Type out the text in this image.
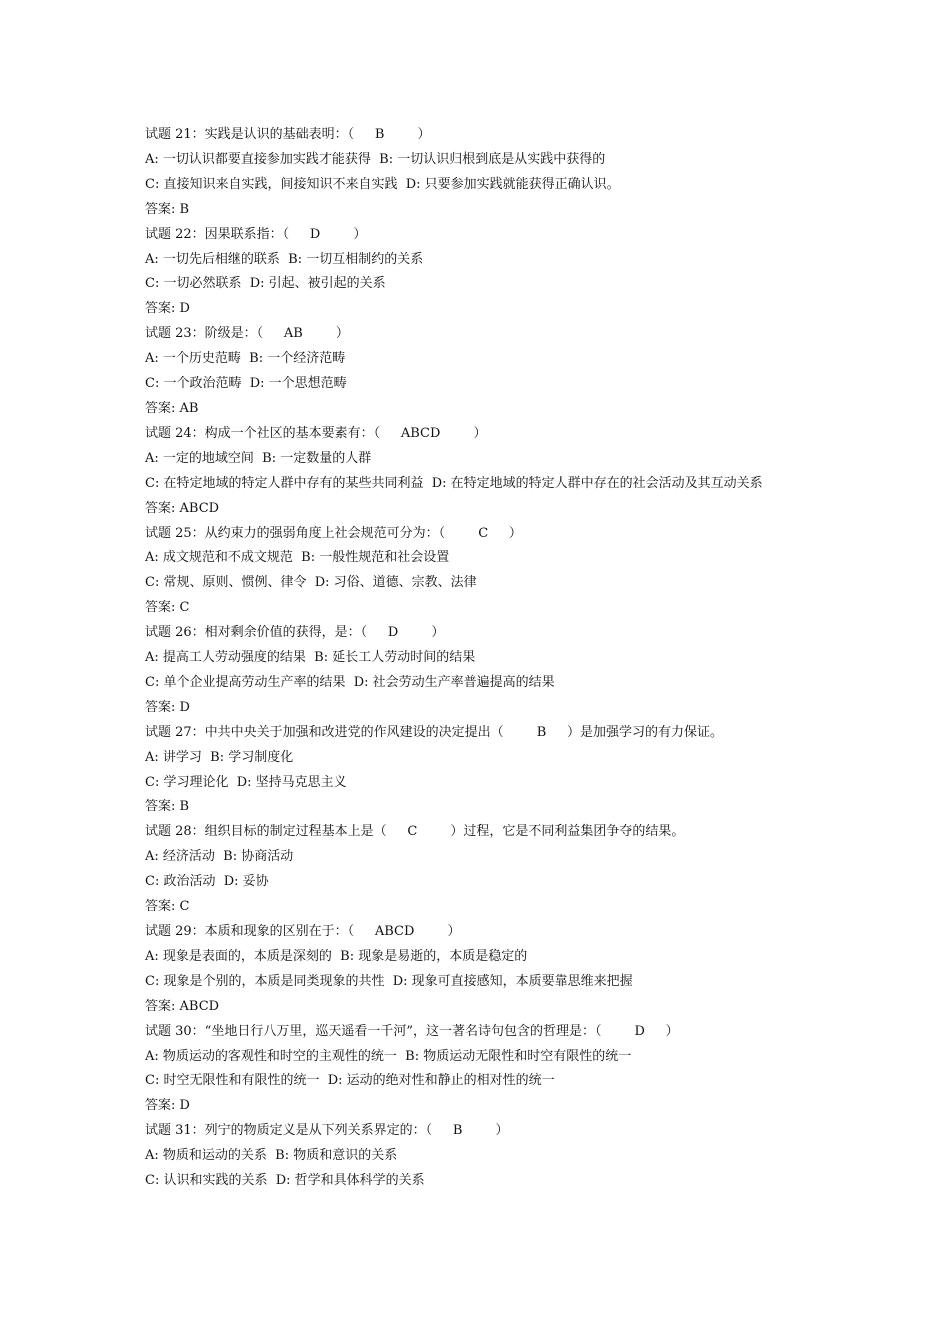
试题 21：实践是认识的基础表明：（     B        ）
A: 一切认识都要直接参加实践才能获得  B: 一切认识归根到底是从实践中获得的
C: 直接知识来自实践，间接知识不来自实践  D: 只要参加实践就能获得正确认识。
答案: B
试题 22：因果联系指：（     D        ）
A: 一切先后相继的联系  B: 一切互相制约的关系
C: 一切必然联系  D: 引起、被引起的关系
答案: D
试题 23：阶级是：（     AB        ）
A: 一个历史范畴  B: 一个经济范畴
C: 一个政治范畴  D: 一个思想范畴
答案: AB
试题 24：构成一个社区的基本要素有：（     ABCD        ）
A: 一定的地域空间  B: 一定数量的人群
C: 在特定地域的特定人群中存有的某些共同利益  D: 在特定地域的特定人群中存在的社会活动及其互动关系
答案: ABCD
试题 25：从约束力的强弱角度上社会规范可分为：（        C     ）
A: 成文规范和不成文规范  B: 一般性规范和社会设置
C: 常规、原则、惯例、律令  D: 习俗、道德、宗教、法律
答案: C
试题 26：相对剩余价值的获得，是：（     D        ）
A: 提高工人劳动强度的结果  B: 延长工人劳动时间的结果
C: 单个企业提高劳动生产率的结果  D: 社会劳动生产率普遍提高的结果
答案: D
试题 27：中共中央关于加强和改进党的作风建设的决定提出（        B     ）是加强学习的有力保证。
A: 讲学习  B: 学习制度化
C: 学习理论化  D: 坚持马克思主义
答案: B
试题 28：组织目标的制定过程基本上是（     C        ）过程，它是不同利益集团争夺的结果。
A: 经济活动  B: 协商活动
C: 政治活动  D: 妥协
答案: C
试题 29：本质和现象的区别在于：（     ABCD        ）
A: 现象是表面的，本质是深刻的  B: 现象是易逝的，本质是稳定的
C: 现象是个别的，本质是同类现象的共性  D: 现象可直接感知，本质要靠思维来把握
答案: ABCD
试题 30：“坐地日行八万里，巡天遥看一千河”，这一著名诗句包含的哲理是：（        D     ）
A: 物质运动的客观性和时空的主观性的统一  B: 物质运动无限性和时空有限性的统一
C: 时空无限性和有限性的统一  D: 运动的绝对性和静止的相对性的统一
答案: D
试题 31：列宁的物质定义是从下列关系界定的：（     B        ）
A: 物质和运动的关系  B: 物质和意识的关系
C: 认识和实践的关系  D: 哲学和具体科学的关系
